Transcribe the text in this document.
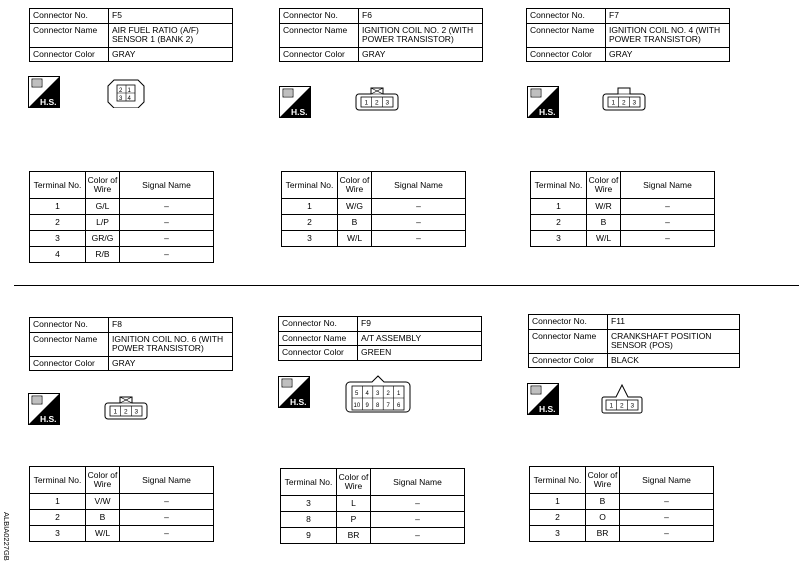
Connector No.	F5
Connector Name	AIR FUEL RATIO (A/F) SENSOR 1 (BANK 2)
Connector Color	GRAY
H.S.
1
4
2
3
Terminal No.	Color of Wire	Signal Name
1	G/L	–
2	L/P	–
3	GR/G	–
4	R/B	–
Connector No.	F6
Connector Name	IGNITION COIL NO. 2 (WITH POWER TRANSISTOR)
Connector Color	GRAY
H.S.
1 2 3
Terminal No.	Color of Wire	Signal Name
1	W/G	–
2	B	–
3	W/L	–
Connector No.	F7
Connector Name	IGNITION COIL NO. 4 (WITH POWER TRANSISTOR)
Connector Color	GRAY
H.S.
1 2 3
Terminal No.	Color of Wire	Signal Name
1	W/R	–
2	B	–
3	W/L	–
Connector No.	F8
Connector Name	IGNITION COIL NO. 6 (WITH POWER TRANSISTOR)
Connector Color	GRAY
H.S.
1 2 3
Terminal No.	Color of Wire	Signal Name
1	V/W	–
2	B	–
3	W/L	–
Connector No.	F9
Connector Name	A/T ASSEMBLY
Connector Color	GREEN
H.S.
5 4 3 2 1
10 9 8 7 6
Terminal No.	Color of Wire	Signal Name
3	L	–
8	P	–
9	BR	–
Connector No.	F11
Connector Name	CRANKSHAFT POSITION SENSOR (POS)
Connector Color	BLACK
H.S.	1 2 3
Terminal No.	Color of Wire	Signal Name
1	B	–
2	O	–
3	BR	–
ALBIA0227GB
